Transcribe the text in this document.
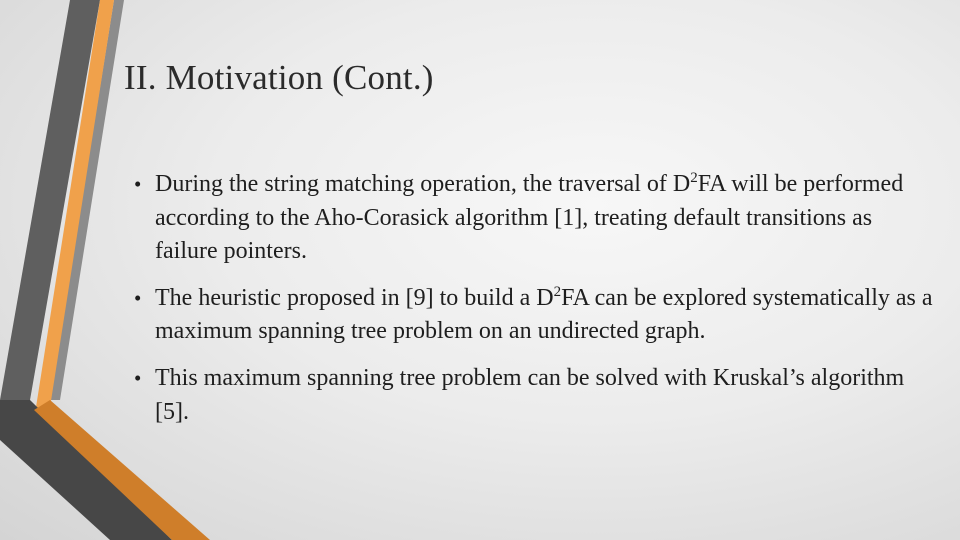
II. Motivation (Cont.)
• During the string matching operation, the traversal of $D^2FA$ will be performed according to the Aho-Corasick algorithm [1], treating default transitions as failure pointers.
• The heuristic proposed in [9] to build a $D^2FA$ can be explored systematically as a maximum spanning tree problem on an undirected graph.
• This maximum spanning tree problem can be solved with Kruskal’s algorithm [5].
